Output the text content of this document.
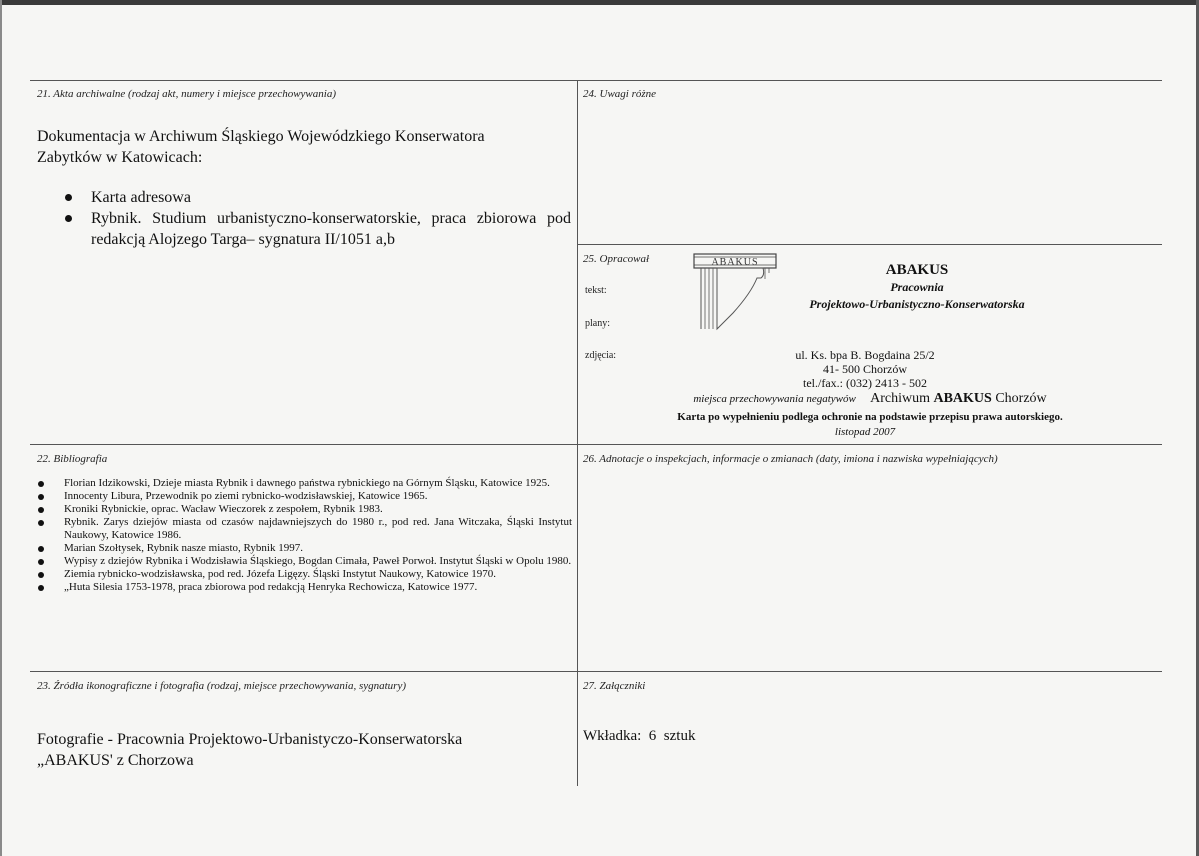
21. Akta archiwalne (rodzaj akt, numery i miejsce przechowywania)
Dokumentacja w Archiwum Śląskiego Wojewódzkiego Konserwatora
Zabytków w Katowicach:
Karta adresowa
Rybnik. Studium urbanistyczno-konserwatorskie, praca zbiorowa pod redakcją Alojzego Targa– sygnatura II/1051 a,b
24. Uwagi różne
25. Opracował
tekst:
plany:
zdjęcia:
ABAKUS	ABAKUS
Pracownia
Projektowo-Urbanistyczno-Konserwatorska
ul. Ks. bpa B. Bogdaina 25/2
41- 500 Chorzów
tel./fax.: (032) 2413 - 502
miejsca przechowywania negatywów Archiwum ABAKUS Chorzów
Karta po wypełnieniu podlega ochronie na podstawie przepisu prawa autorskiego.
listopad 2007
22. Bibliografia
Florian Idzikowski, Dzieje miasta Rybnik i dawnego państwa rybnickiego na Górnym Śląsku, Katowice 1925.
Innocenty Libura, Przewodnik po ziemi rybnicko-wodzisławskiej, Katowice 1965.
Kroniki Rybnickie, oprac. Wacław Wieczorek z zespołem, Rybnik 1983.
Rybnik. Zarys dziejów miasta od czasów najdawniejszych do 1980 r., pod red. Jana Witczaka, Śląski Instytut Naukowy, Katowice 1986.
Marian Szołtysek, Rybnik nasze miasto, Rybnik 1997.
Wypisy z dziejów Rybnika i Wodzisławia Śląskiego, Bogdan Cimała, Paweł Porwoł. Instytut Śląski w Opolu 1980.
Ziemia rybnicko-wodzisławska, pod red. Józefa Ligęzy. Śląski Instytut Naukowy, Katowice 1970.
„Huta Silesia 1753-1978, praca zbiorowa pod redakcją Henryka Rechowicza, Katowice 1977.
26. Adnotacje o inspekcjach, informacje o zmianach (daty, imiona i nazwiska wypełniających)
23. Źródła ikonograficzne i fotografia (rodzaj, miejsce przechowywania, sygnatury)
Fotografie - Pracownia Projektowo-Urbanistyczo-Konserwatorska
„ABAKUS' z Chorzowa
27. Załączniki
Wkładka:  6  sztuk
